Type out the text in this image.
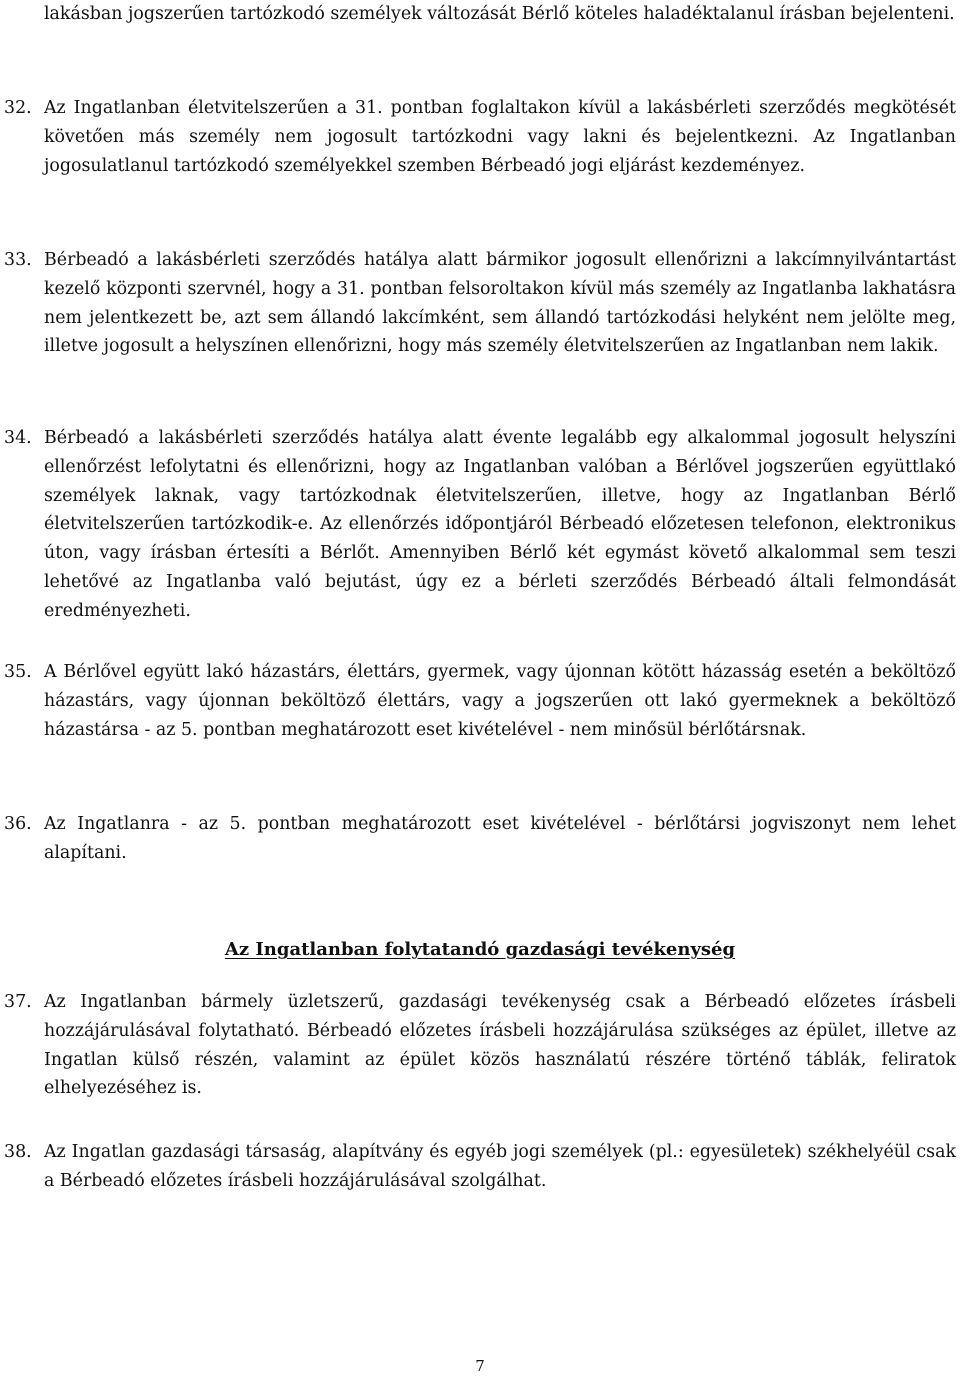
lakásban jogszerűen tartózkodó személyek változását Bérlő köteles haladéktalanul írásban bejelenteni.
32. Az Ingatlanban életvitelszerűen a 31. pontban foglaltakon kívül a lakásbérleti szerződés megkötését követően más személy nem jogosult tartózkodni vagy lakni és bejelentkezni. Az Ingatlanban jogosulatlanul tartózkodó személyekkel szemben Bérbeadó jogi eljárást kezdeményez.
33. Bérbeadó a lakásbérleti szerződés hatálya alatt bármikor jogosult ellenőrizni a lakcímnyilvántartást kezelő központi szervnél, hogy a 31. pontban felsoroltakon kívül más személy az Ingatlanba lakhatásra nem jelentkezett be, azt sem állandó lakcímként, sem állandó tartózkodási helyként nem jelölte meg, illetve jogosult a helyszínen ellenőrizni, hogy más személy életvitelszerűen az Ingatlanban nem lakik.
34. Bérbeadó a lakásbérleti szerződés hatálya alatt évente legalább egy alkalommal jogosult helyszíni ellenőrzést lefolytatni és ellenőrizni, hogy az Ingatlanban valóban a Bérlővel jogszerűen együttlakó személyek laknak, vagy tartózkodnak életvitelszerűen, illetve, hogy az Ingatlanban Bérlő életvitelszerűen tartózkodik-e. Az ellenőrzés időpontjáról Bérbeadó előzetesen telefonon, elektronikus úton, vagy írásban értesíti a Bérlőt. Amennyiben Bérlő két egymást követő alkalommal sem teszi lehetővé az Ingatlanba való bejutást, úgy ez a bérleti szerződés Bérbeadó általi felmondását eredményezheti.
35. A Bérlővel együtt lakó házastárs, élettárs, gyermek, vagy újonnan kötött házasság esetén a beköltöző házastárs, vagy újonnan beköltöző élettárs, vagy a jogszerűen ott lakó gyermeknek a beköltöző házastársa - az 5. pontban meghatározott eset kivételével - nem minősül bérlőtársnak.
36. Az Ingatlanra - az 5. pontban meghatározott eset kivételével - bérlőtársi jogviszonyt nem lehet alapítani.
Az Ingatlanban folytatandó gazdasági tevékenység
37. Az Ingatlanban bármely üzletszerű, gazdasági tevékenység csak a Bérbeadó előzetes írásbeli hozzájárulásával folytatható. Bérbeadó előzetes írásbeli hozzájárulása szükséges az épület, illetve az Ingatlan külső részén, valamint az épület közös használatú részére történő táblák, feliratok elhelyezéséhez is.
38. Az Ingatlan gazdasági társaság, alapítvány és egyéb jogi személyek (pl.: egyesületek) székhelyéül csak a Bérbeadó előzetes írásbeli hozzájárulásával szolgálhat.
7
